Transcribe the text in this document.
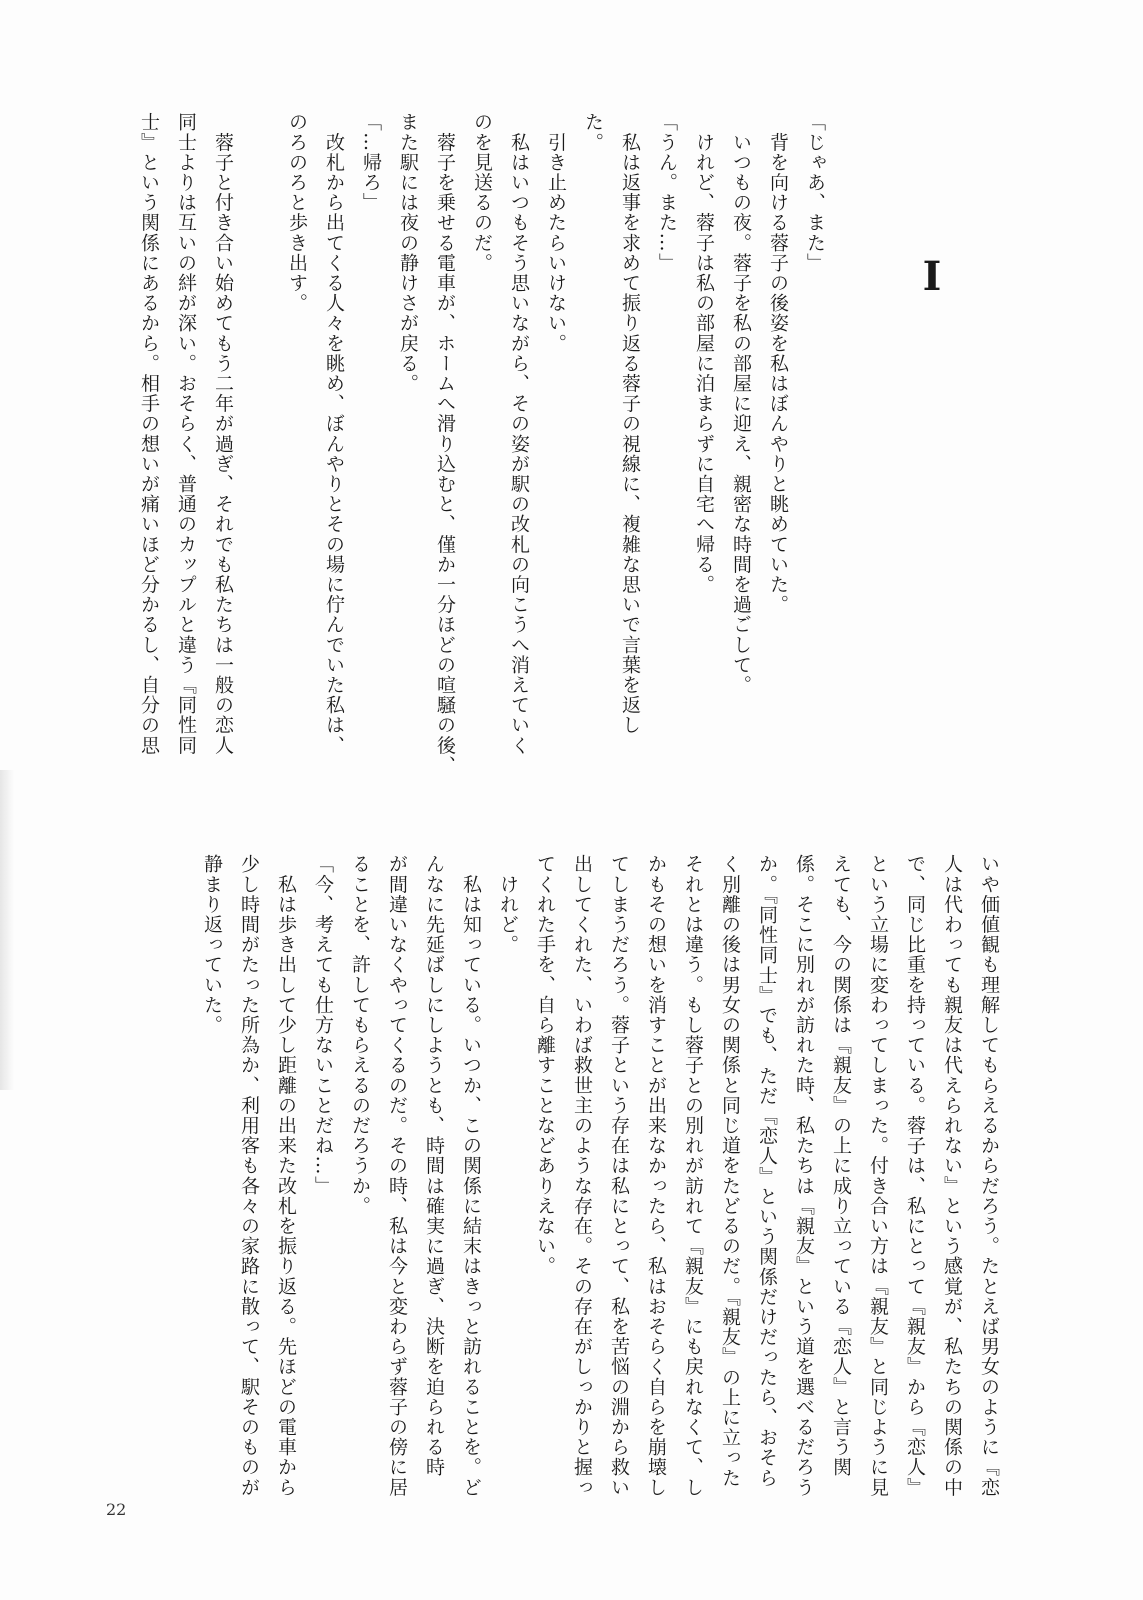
I
「じゃあ、また」
　背を向ける蓉子の後姿を私はぼんやりと眺めていた。
　いつもの夜。蓉子を私の部屋に迎え、親密な時間を過ごして。
　けれど、蓉子は私の部屋に泊まらずに自宅へ帰る。
「うん。また…」
　私は返事を求めて振り返る蓉子の視線に、複雑な思いで言葉を返し
た。
　引き止めたらいけない。
　私はいつもそう思いながら、その姿が駅の改札の向こうへ消えていく
のを見送るのだ。
　蓉子を乗せる電車が、ホームへ滑り込むと、僅か一分ほどの喧騒の後、
また駅には夜の静けさが戻る。
「…帰ろ」
　改札から出てくる人々を眺め、ぼんやりとその場に佇んでいた私は、
のろのろと歩き出す。

　蓉子と付き合い始めてもう二年が過ぎ、それでも私たちは一般の恋人
同士よりは互いの絆が深い。おそらく、普通のカップルと違う『同性同
士』という関係にあるから。相手の想いが痛いほど分かるし、自分の思
いや価値観も理解してもらえるからだろう。たとえば男女のように『恋
人は代わっても親友は代えられない』という感覚が、私たちの関係の中
で、同じ比重を持っている。蓉子は、私にとって『親友』から『恋人』
という立場に変わってしまった。付き合い方は『親友』と同じように見
えても、今の関係は『親友』の上に成り立っている『恋人』と言う関
係。そこに別れが訪れた時、私たちは『親友』という道を選べるだろう
か。『同性同士』でも、ただ『恋人』という関係だけだったら、おそら
く別離の後は男女の関係と同じ道をたどるのだ。『親友』の上に立った
それとは違う。もし蓉子との別れが訪れて『親友』にも戻れなくて、し
かもその想いを消すことが出来なかったら、私はおそらく自らを崩壊し
てしまうだろう。蓉子という存在は私にとって、私を苦悩の淵から救い
出してくれた、いわば救世主のような存在。その存在がしっかりと握っ
てくれた手を、自ら離すことなどありえない。
　けれど。
　私は知っている。いつか、この関係に結末はきっと訪れることを。ど
んなに先延ばしにしようとも、時間は確実に過ぎ、決断を迫られる時
が間違いなくやってくるのだ。その時、私は今と変わらず蓉子の傍に居
ることを、許してもらえるのだろうか。
「今、考えても仕方ないことだね…」
　私は歩き出して少し距離の出来た改札を振り返る。先ほどの電車から
少し時間がたった所為か、利用客も各々の家路に散って、駅そのものが
静まり返っていた。
22
